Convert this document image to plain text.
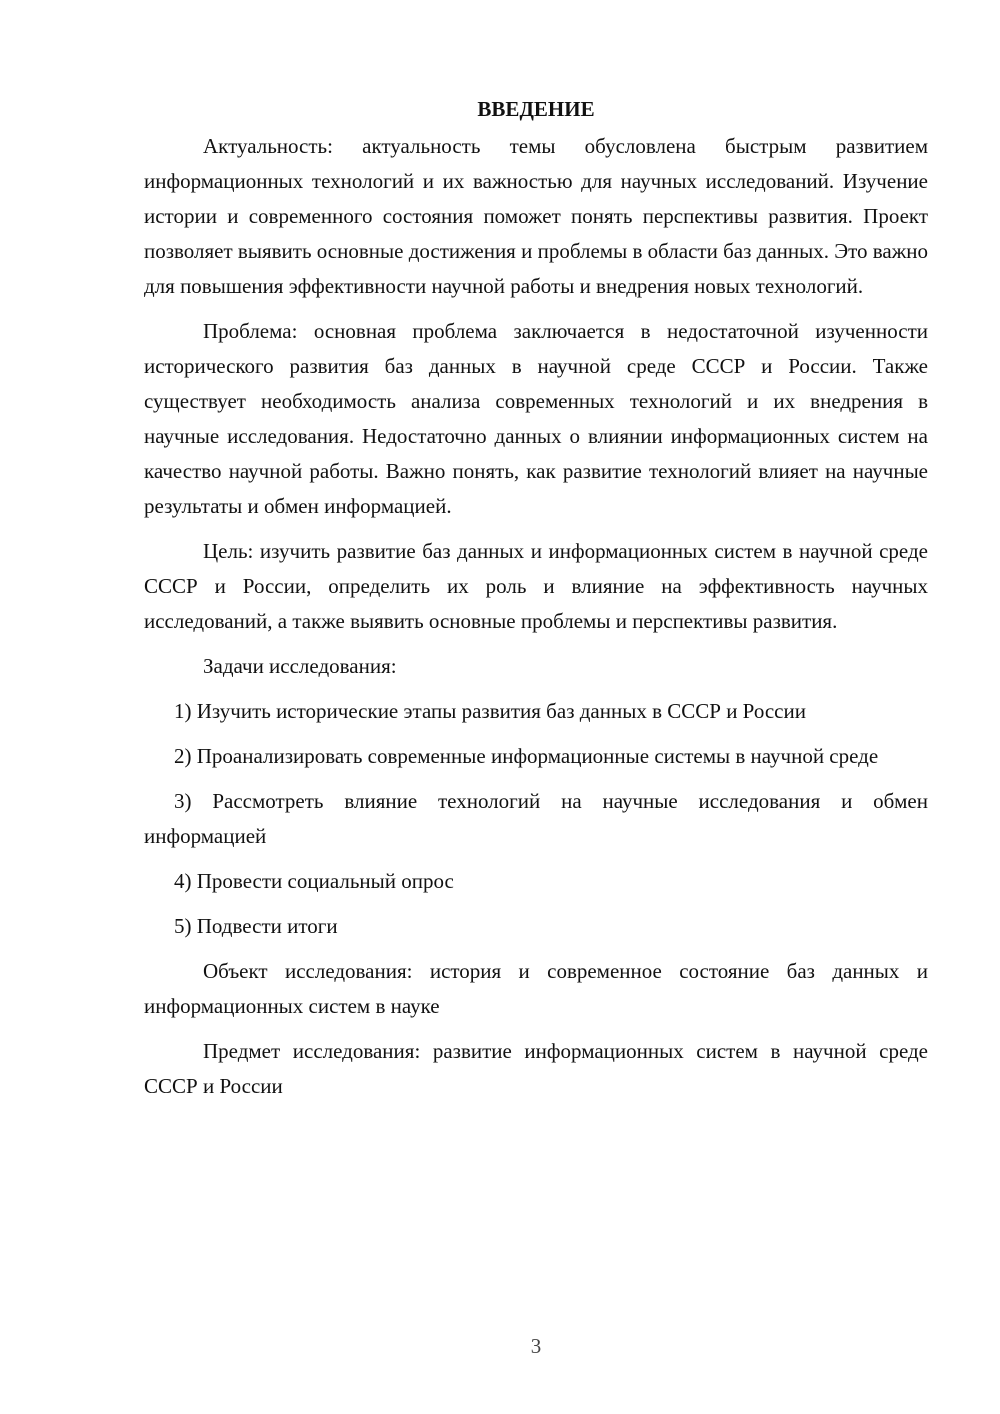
ВВЕДЕНИЕ

Актуальность: актуальность темы обусловлена быстрым развитием информационных технологий и их важностью для научных исследований. Изучение истории и современного состояния поможет понять перспективы развития. Проект позволяет выявить основные достижения и проблемы в области баз данных. Это важно для повышения эффективности научной работы и внедрения новых технологий.

Проблема: основная проблема заключается в недостаточной изученности исторического развития баз данных в научной среде СССР и России. Также существует необходимость анализа современных технологий и их внедрения в научные исследования. Недостаточно данных о влиянии информационных систем на качество научной работы. Важно понять, как развитие технологий влияет на научные результаты и обмен информацией.

Цель: изучить развитие баз данных и информационных систем в научной среде СССР и России, определить их роль и влияние на эффективность научных исследований, а также выявить основные проблемы и перспективы развития.

Задачи исследования:

1) Изучить исторические этапы развития баз данных в СССР и России

2) Проанализировать современные информационные системы в научной среде

3) Рассмотреть влияние технологий на научные исследования и обмен информацией

4) Провести социальный опрос

5) Подвести итоги

Объект исследования: история и современное состояние баз данных и информационных систем в науке

Предмет исследования: развитие информационных систем в научной среде СССР и России

3
